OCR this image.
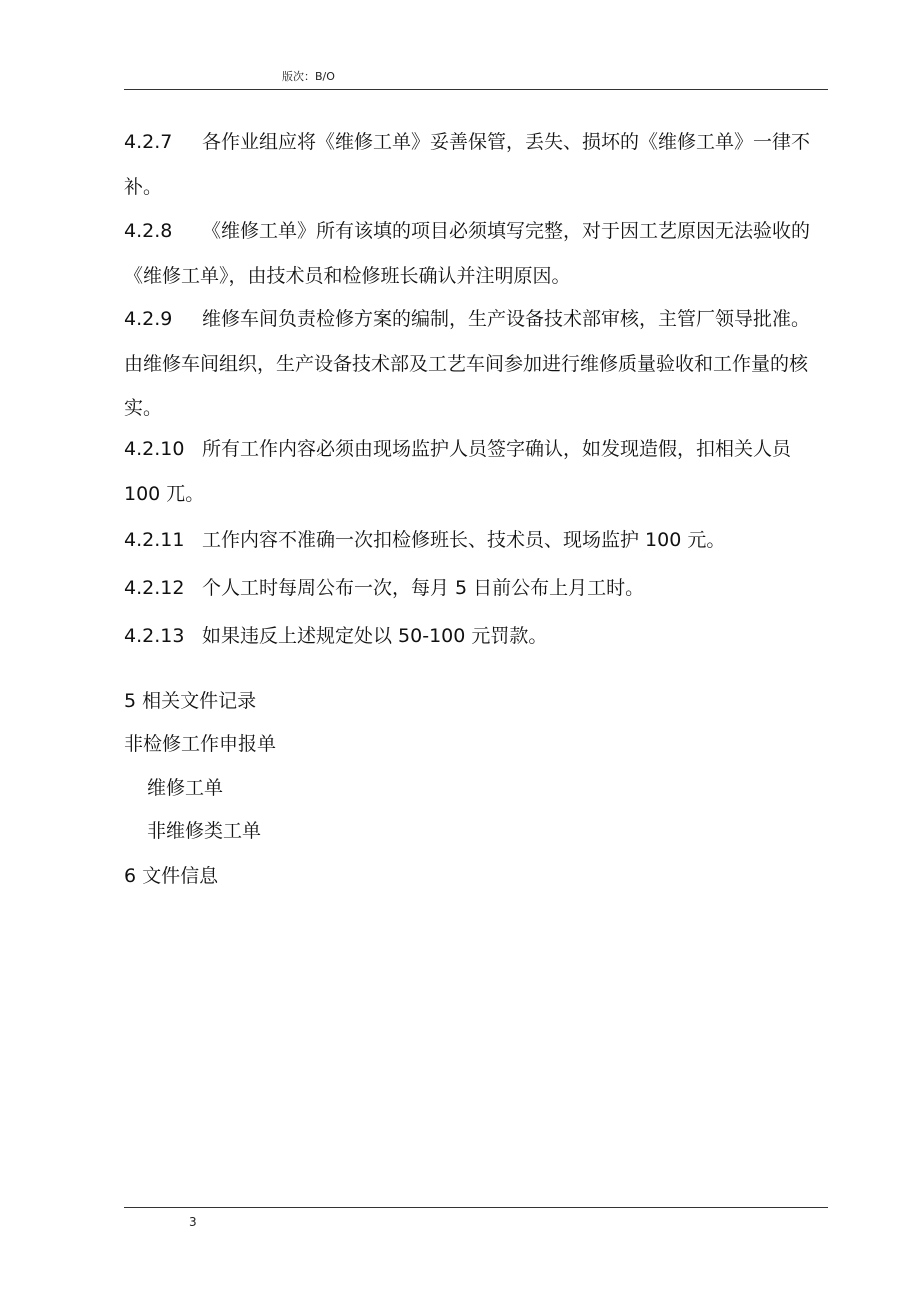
版次：B/O
4.2.7 各作业组应将《维修工单》妥善保管，丢失、损坏的《维修工单》一律不补。
4.2.8 《维修工单》所有该填的项目必须填写完整，对于因工艺原因无法验收的《维修工单》，由技术员和检修班长确认并注明原因。
4.2.9 维修车间负责检修方案的编制，生产设备技术部审核，主管厂领导批准。由维修车间组织，生产设备技术部及工艺车间参加进行维修质量验收和工作量的核实。
4.2.10 所有工作内容必须由现场监护人员签字确认，如发现造假，扣相关人员 100 兀。
4.2.11 工作内容不准确一次扣检修班长、技术员、现场监护 100 元。
4.2.12 个人工时每周公布一次，每月 5 日前公布上月工时。
4.2.13 如果违反上述规定处以 50-100 元罚款。
5 相关文件记录
非检修工作申报单
维修工单
非维修类工单
6 文件信息
3
